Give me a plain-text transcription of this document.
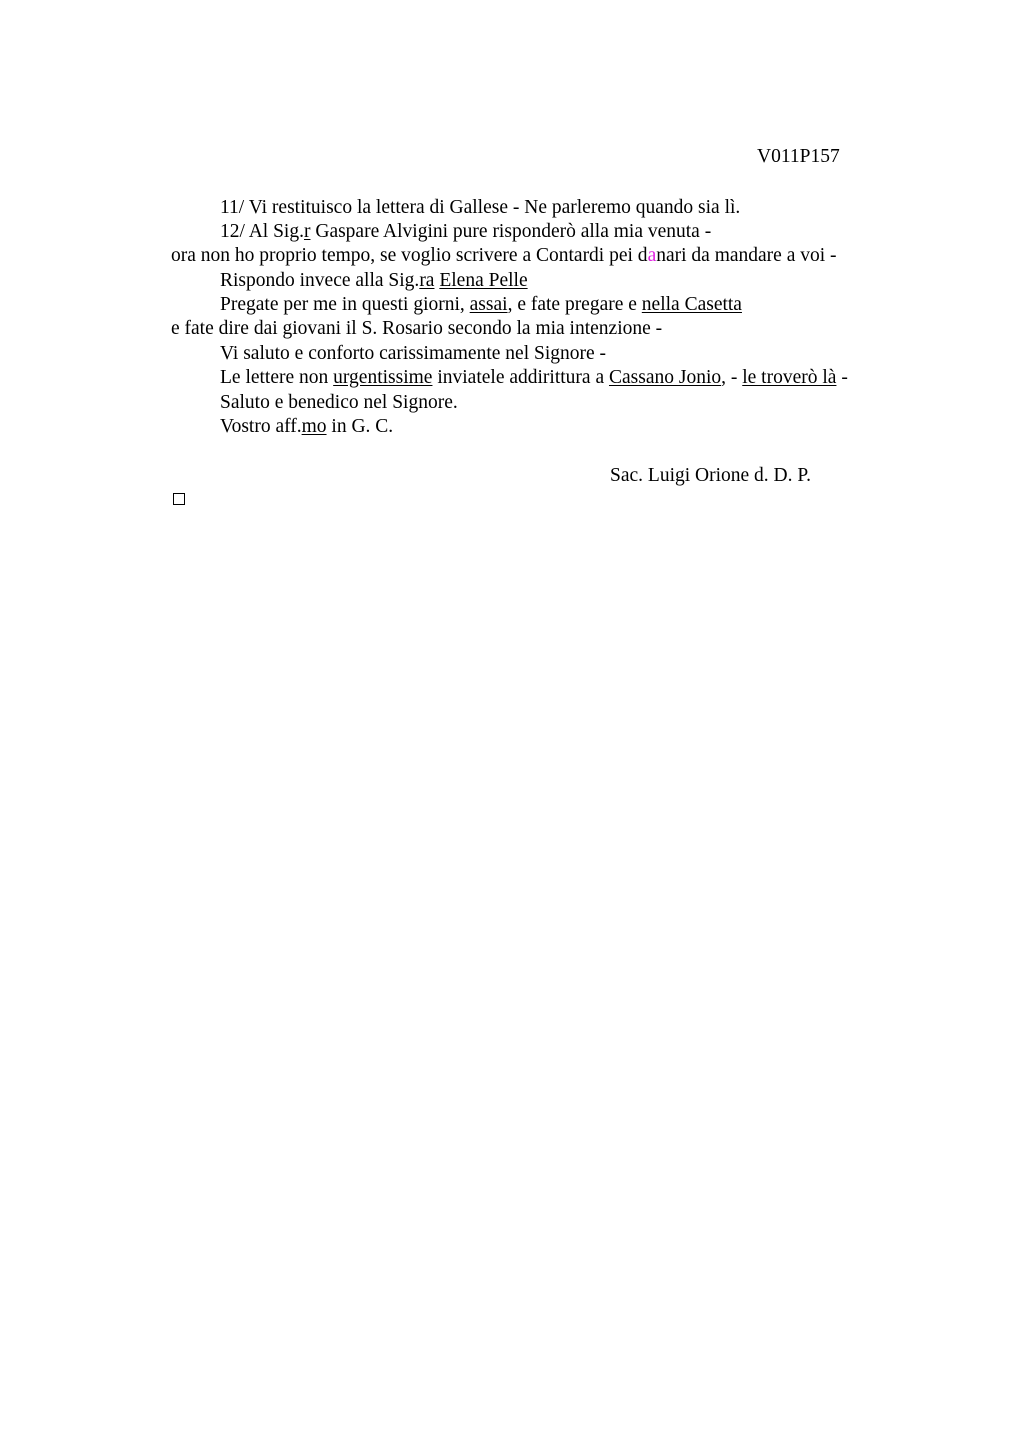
V011P157
11/ Vi restituisco la lettera di Gallese - Ne parleremo quando sia lì.
12/ Al Sig.r Gaspare Alvigini pure risponderò alla mia venuta -
ora non ho proprio tempo, se voglio scrivere a Contardi pei danari da mandare a voi -
Rispondo invece alla Sig.ra Elena Pelle
Pregate per me in questi giorni, assai, e fate pregare e nella Casetta
e fate dire dai giovani il S. Rosario secondo la mia intenzione -
Vi saluto e conforto carissimamente nel Signore -
Le lettere non urgentissime inviatele addirittura a Cassano Jonio, - le troverò là -
Saluto e benedico nel Signore.
Vostro aff.mo in G. C.
Sac. Luigi Orione d. D. P.
